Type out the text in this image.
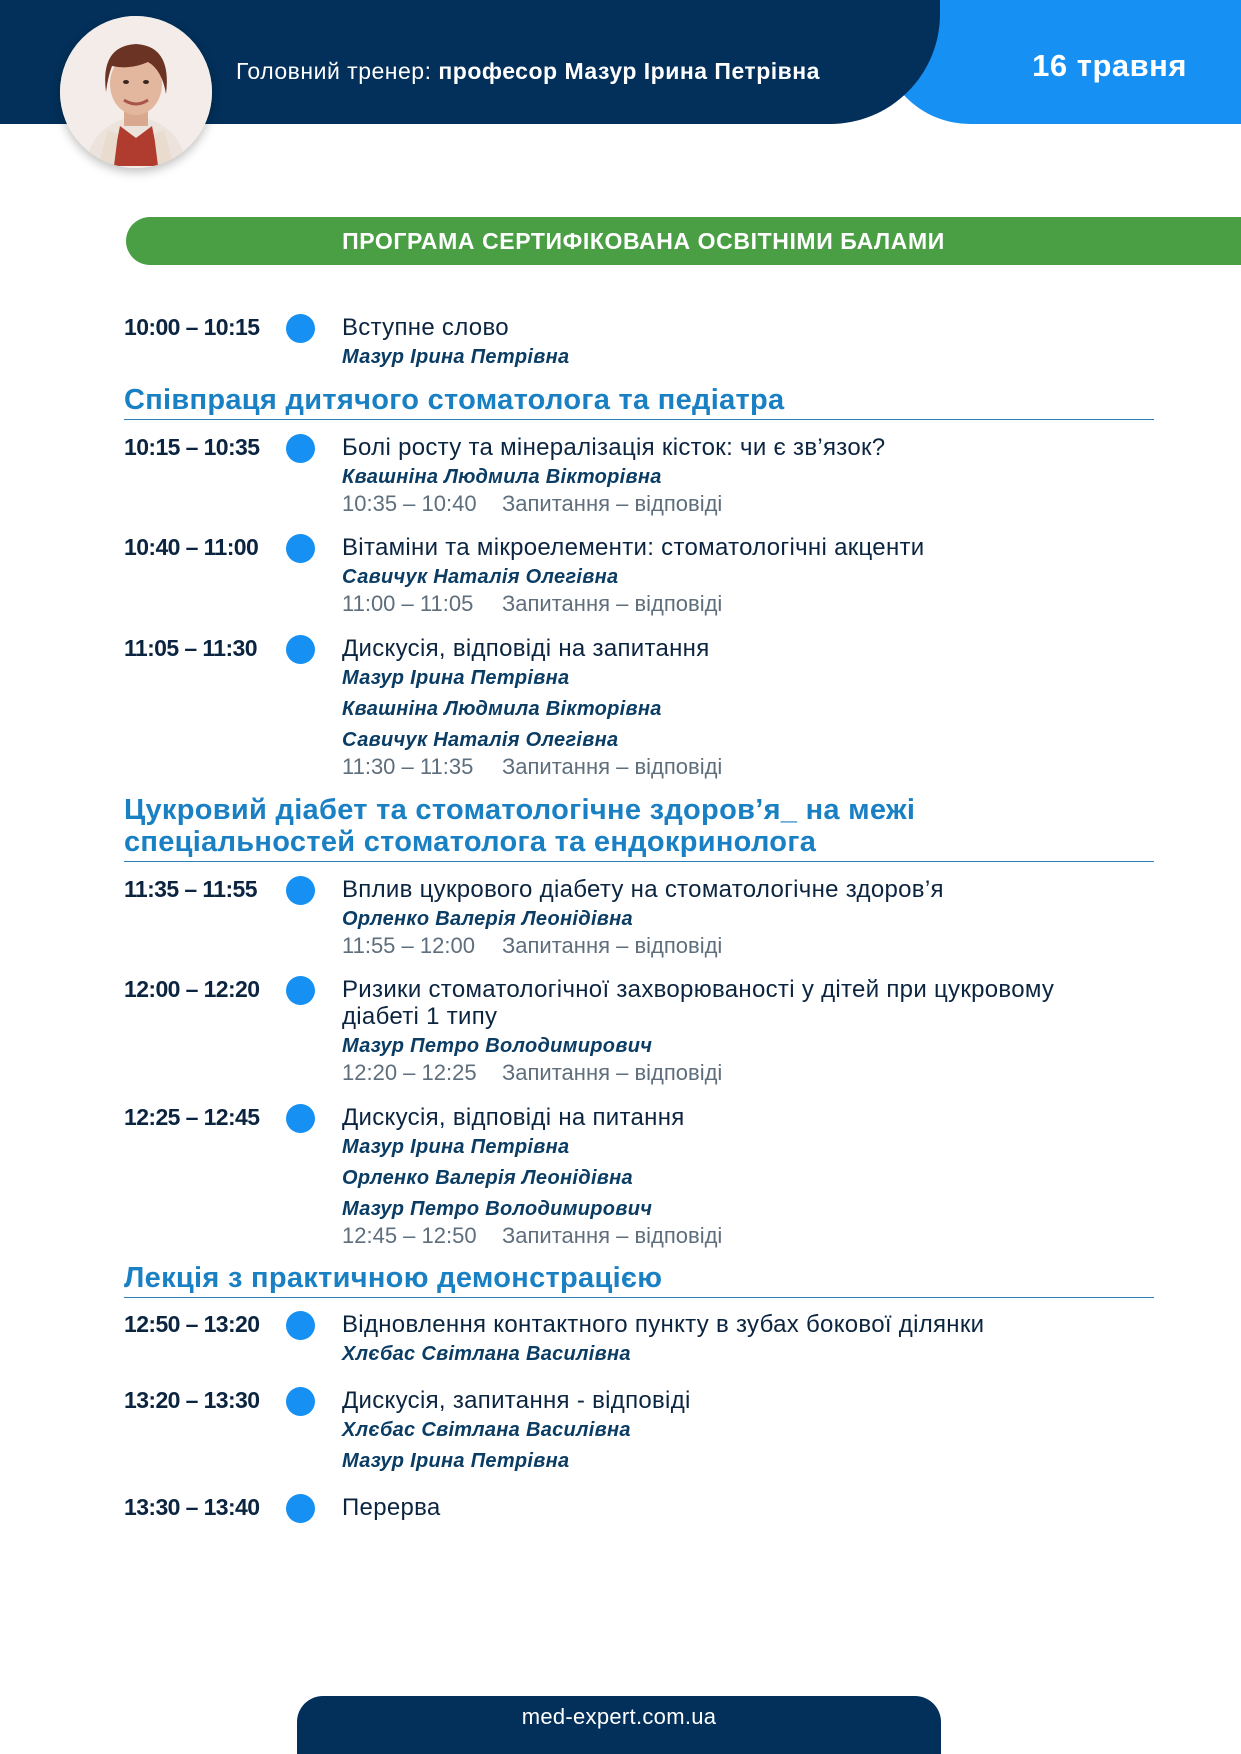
Головний тренер: професор Мазур Ірина Петрівна	16 травня
ПРОГРАМА СЕРТИФІКОВАНА ОСВІТНІМИ БАЛАМИ
10:00 – 10:15	Вступне слово
Мазур Ірина Петрівна
Співпраця дитячого стоматолога та педіатра
10:15 – 10:35	Болі росту та мінералізація кісток: чи є зв’язок?
Квашніна Людмила Вікторівна
10:35 – 10:40 Запитання – відповіді
10:40 – 11:00	Вітаміни та мікроелементи: стоматологічні акценти
Савичук Наталія Олегівна
11:00 – 11:05 Запитання – відповіді
11:05 – 11:30	Дискусія, відповіді на запитання
Мазур Ірина Петрівна
Квашніна Людмила Вікторівна
Савичук Наталія Олегівна
11:30 – 11:35 Запитання – відповіді
Цукровий діабет та стоматологічне здоров’я_ на межі
спеціальностей стоматолога та ендокринолога
11:35 – 11:55	Вплив цукрового діабету на стоматологічне здоров’я
Орленко Валерія Леонідівна
11:55 – 12:00 Запитання – відповіді
12:00 – 12:20	Ризики стоматологічної захворюваності у дітей при цукровому
діабеті 1 типу
Мазур Петро Володимирович
12:20 – 12:25 Запитання – відповіді
12:25 – 12:45	Дискусія, відповіді на питання
Мазур Ірина Петрівна
Орленко Валерія Леонідівна
Мазур Петро Володимирович
12:45 – 12:50 Запитання – відповіді
Лекція з практичною демонстрацією
12:50 – 13:20	Відновлення контактного пункту в зубах бокової ділянки
Хлєбас Світлана Василівна
13:20 – 13:30	Дискусія, запитання - відповіді
Хлєбас Світлана Василівна
Мазур Ірина Петрівна
13:30 – 13:40	Перерва
med-expert.com.ua
